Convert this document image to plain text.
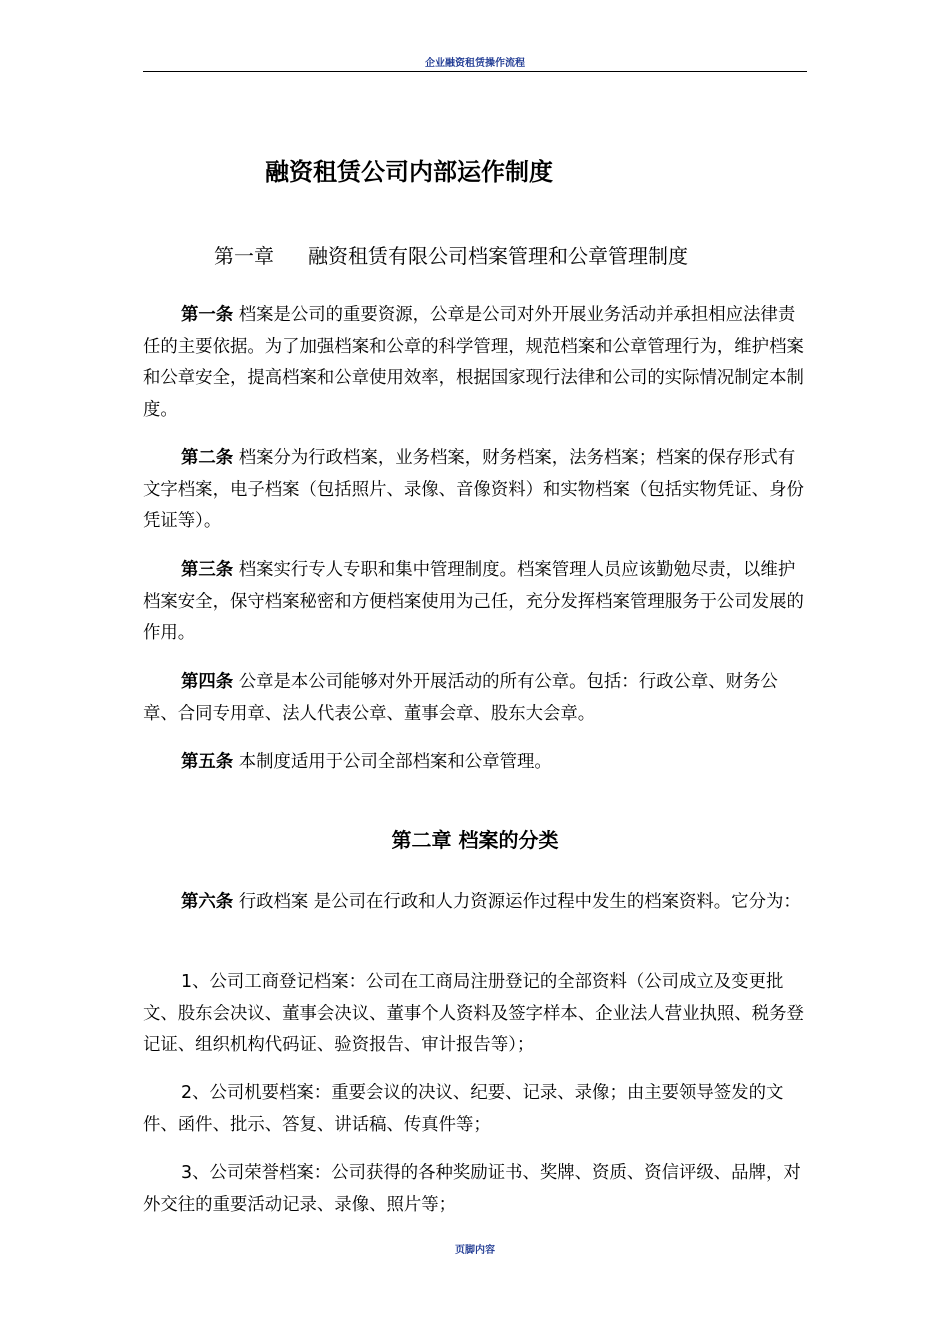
企业融资租赁操作流程
融资租赁公司内部运作制度
第一章 融资租赁有限公司档案管理和公章管理制度

第一条 档案是公司的重要资源，公章是公司对外开展业务活动并承担相应法律责任的主要依据。为了加强档案和公章的科学管理，规范档案和公章管理行为，维护档案和公章安全，提高档案和公章使用效率，根据国家现行法律和公司的实际情况制定本制度。

第二条 档案分为行政档案，业务档案，财务档案，法务档案；档案的保存形式有文字档案，电子档案（包括照片、录像、音像资料）和实物档案（包括实物凭证、身份凭证等）。

第三条 档案实行专人专职和集中管理制度。档案管理人员应该勤勉尽责，以维护档案安全，保守档案秘密和方便档案使用为己任，充分发挥档案管理服务于公司发展的作用。

第四条 公章是本公司能够对外开展活动的所有公章。包括：行政公章、财务公章、合同专用章、法人代表公章、董事会章、股东大会章。

第五条 本制度适用于公司全部档案和公章管理。

第二章 档案的分类

第六条 行政档案 是公司在行政和人力资源运作过程中发生的档案资料。它分为：

1、公司工商登记档案：公司在工商局注册登记的全部资料（公司成立及变更批文、股东会决议、董事会决议、董事个人资料及签字样本、企业法人营业执照、税务登记证、组织机构代码证、验资报告、审计报告等）；

2、公司机要档案：重要会议的决议、纪要、记录、录像；由主要领导签发的文件、函件、批示、答复、讲话稿、传真件等；

3、公司荣誉档案：公司获得的各种奖励证书、奖牌、资质、资信评级、品牌，对外交往的重要活动记录、录像、照片等；

页脚内容
